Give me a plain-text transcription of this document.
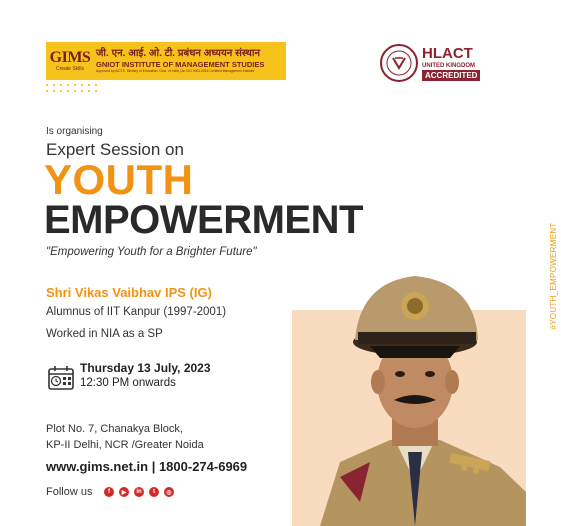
GIMS
Create Skills
जी. एन. आई. ओ. टी. प्रबंधन अध्ययन संस्थान
GNIOT INSTITUTE OF MANAGEMENT STUDIES
Approved by AICTE, Ministry of Education, Govt. of India | An ISO 9001:2015 Certified Management Institute
HLACT
UNITED KINGDOM
ACCREDITED
#YOUTH_EMPOWERMENT
Is organising
Expert Session on
YOUTH
EMPOWERMENT
"Empowering Youth for a Brighter Future"
Shri Vikas Vaibhav IPS (IG)
Alumnus of IIT Kanpur (1997-2001)
Worked in NIA as a SP
Thursday 13 July, 2023
12:30 PM onwards
Plot No. 7, Chanakya Block,
KP-II Delhi, NCR /Greater Noida
www.gims.net.in | 1800-274-6969
Follow us	f	▶	in	t	◎
